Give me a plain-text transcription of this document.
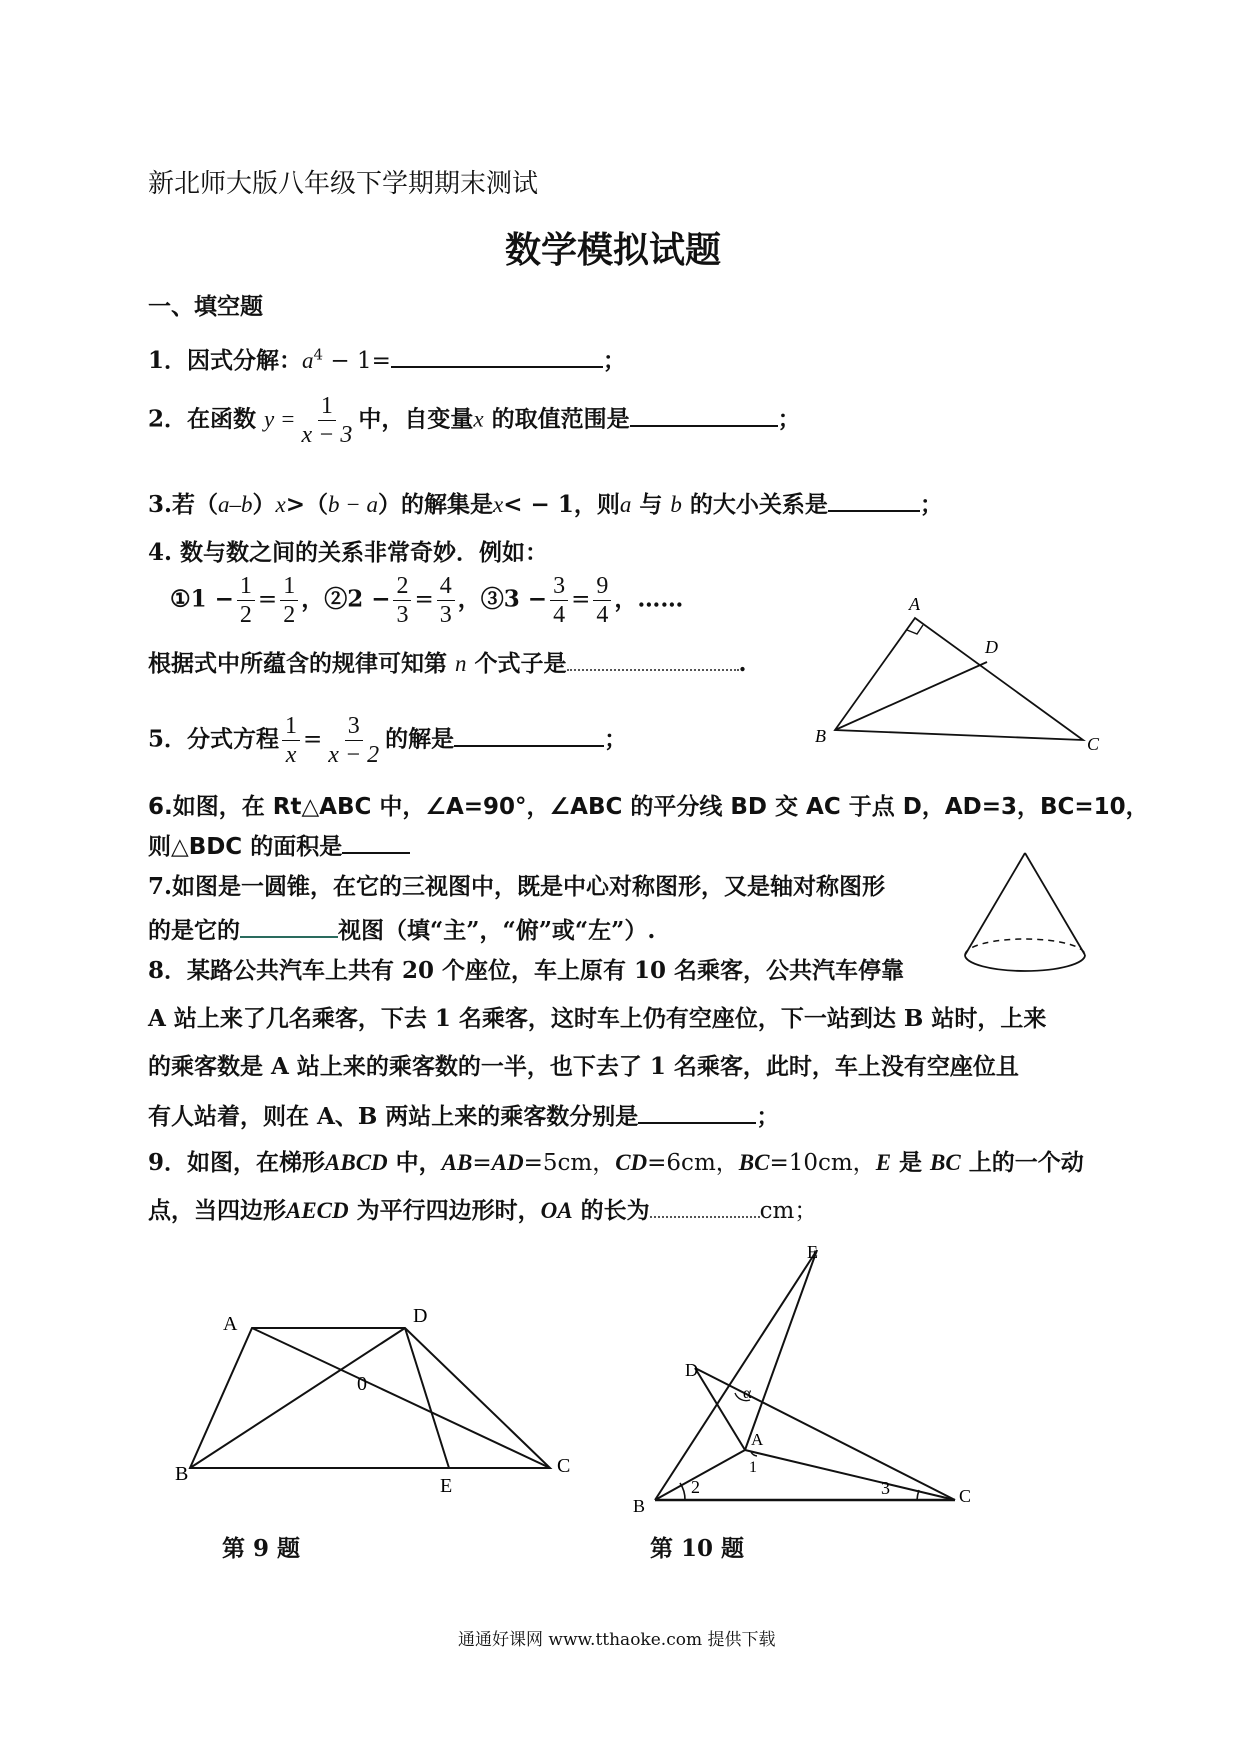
新北师大版八年级下学期期末测试
数学模拟试题
一、填空题
1．因式分解：$a^4 - 1=$	；
2．在函数 $y = \frac{1}{x - 3}$ 中，自变量x 的取值范围是	；
3.若（a–b）x>（b − a）的解集是x< − 1，则a 与 b 的大小关系是	；
4. 数与数之间的关系非常奇妙．例如：
①1 − $\frac{1}{2} = \frac{1}{2}$ ，②2 − $\frac{2}{3} = \frac{4}{3}$ ，③3 − $\frac{3}{4} = \frac{9}{4}$ ，……
根据式中所蕴含的规律可知第 n 个式子是	.
5．分式方程 $\frac{1}{x} = \frac{3}{x - 2}$ 的解是	；
A
D
B	C
6.如图，在 Rt△ABC 中，∠A=90°，∠ABC 的平分线 BD 交 AC 于点 D，AD=3，BC=10，
则△BDC 的面积是
7.如图是一圆锥，在它的三视图中，既是中心对称图形，又是轴对称图形
的是它的	视图（填“主”，“俯”或“左”）.
8．某路公共汽车上共有 20 个座位，车上原有 10 名乘客，公共汽车停靠
A 站上来了几名乘客，下去 1 名乘客，这时车上仍有空座位，下一站到达 B 站时，上来
的乘客数是 A 站上来的乘客数的一半，也下去了 1 名乘客，此时，车上没有空座位且
有人站着，则在 A、B 两站上来的乘客数分别是	；
9．如图，在梯形ABCD 中，AB=AD=5cm，CD=6cm，BC=10cm，E 是 BC 上的一个动
点，当四边形AECD 为平行四边形时，OA 的长为	cm；
A	D
0
B	C
E
E
D
α
A
1
2	3
B	C
第 9 题	第 10 题
通通好课网 www.tthaoke.com 提供下载
